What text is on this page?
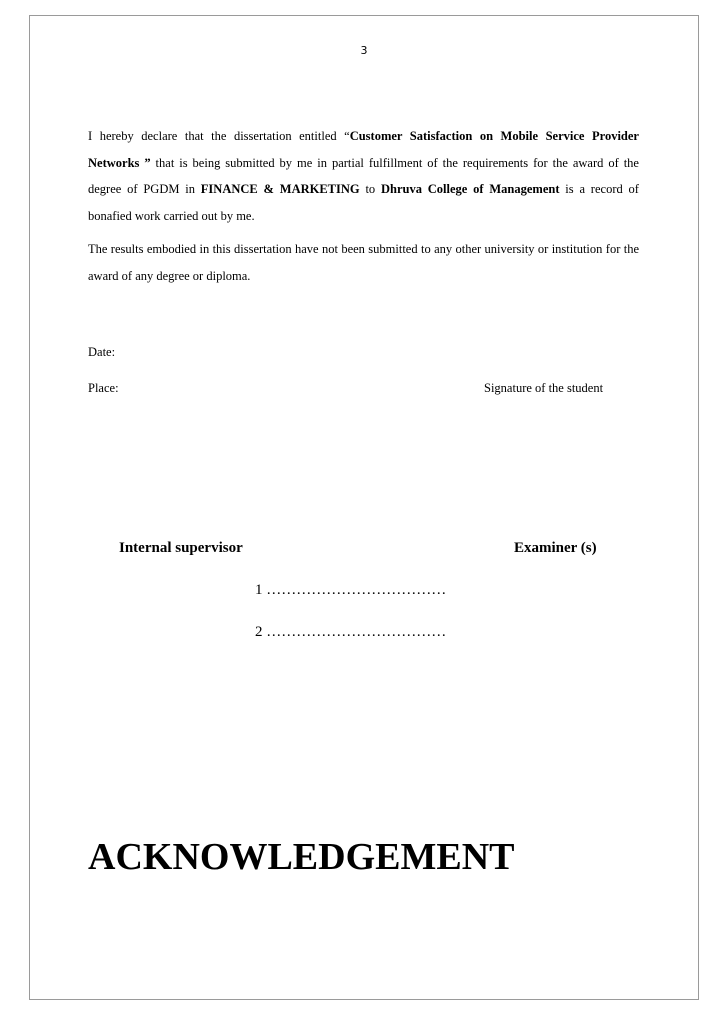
3

I hereby declare that the dissertation entitled “Customer Satisfaction on Mobile Service Provider Networks ” that is being submitted by me in partial fulfillment of the requirements for the award of the degree of PGDM in FINANCE & MARKETING to Dhruva College of Management is a record of bonafied work carried out by me.

The results embodied in this dissertation have not been submitted to any other university or institution for the award of any degree or diploma.

Date:
Place:	Signature of the student
Internal supervisor	Examiner (s)
1 ………………………………
2 ………………………………
ACKNOWLEDGEMENT
